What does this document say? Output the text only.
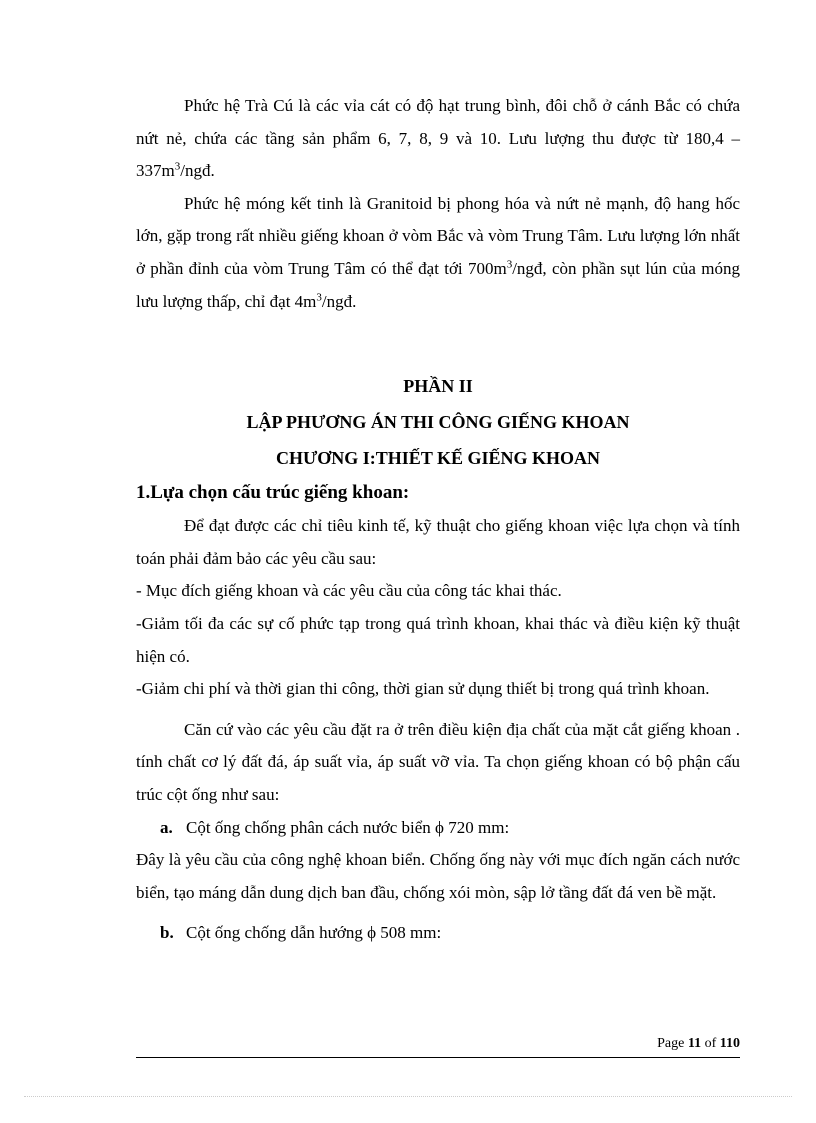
Phức hệ Trà Cú là các vỉa cát có độ hạt trung bình, đôi chỗ ở cánh Bắc có chứa nứt nẻ, chứa các tầng sản phẩm 6, 7, 8, 9 và 10. Lưu lượng thu được từ $180,4 - 337m^3$/ngđ.

Phức hệ móng kết tinh là Granitoid bị phong hóa và nứt nẻ mạnh, độ hang hốc lớn, gặp trong rất nhiều giếng khoan ở vòm Bắc và vòm Trung Tâm. Lưu lượng lớn nhất ở phần đỉnh của vòm Trung Tâm có thể đạt tới $700m^3$/ngđ, còn phần sụt lún của móng lưu lượng thấp, chỉ đạt $4m^3$/ngđ.

PHẦN II
LẬP PHƯƠNG ÁN THI CÔNG GIẾNG KHOAN
CHƯƠNG I:THIẾT KẾ GIẾNG KHOAN
1.Lựa chọn cấu trúc giếng khoan:

Để đạt được các chỉ tiêu kinh tế, kỹ thuật cho giếng khoan việc lựa chọn và tính toán phải đảm bảo các yêu cầu sau:

- Mục đích giếng khoan và các yêu cầu của công tác khai thác.

-Giảm tối đa các sự cố phức tạp trong quá trình khoan, khai thác và điều kiện kỹ thuật hiện có.

-Giảm chi phí và thời gian thi công, thời gian sử dụng thiết bị trong quá trình khoan.

Căn cứ vào các yêu cầu đặt ra ở trên điều kiện địa chất của mặt cắt giếng khoan . tính chất cơ lý đất đá, áp suất vỉa, áp suất vỡ vỉa. Ta chọn giếng khoan có bộ phận cấu trúc cột ống như sau:

a. Cột ống chống phân cách nước biển ϕ 720 mm:

Đây là yêu cầu của công nghệ khoan biển. Chống ống này với mục đích ngăn cách nước biển, tạo máng dẫn dung dịch ban đầu, chống xói mòn, sập lở tầng đất đá ven bề mặt.

b. Cột ống chống dẫn hướng ϕ 508 mm:
Page 11 of 110
